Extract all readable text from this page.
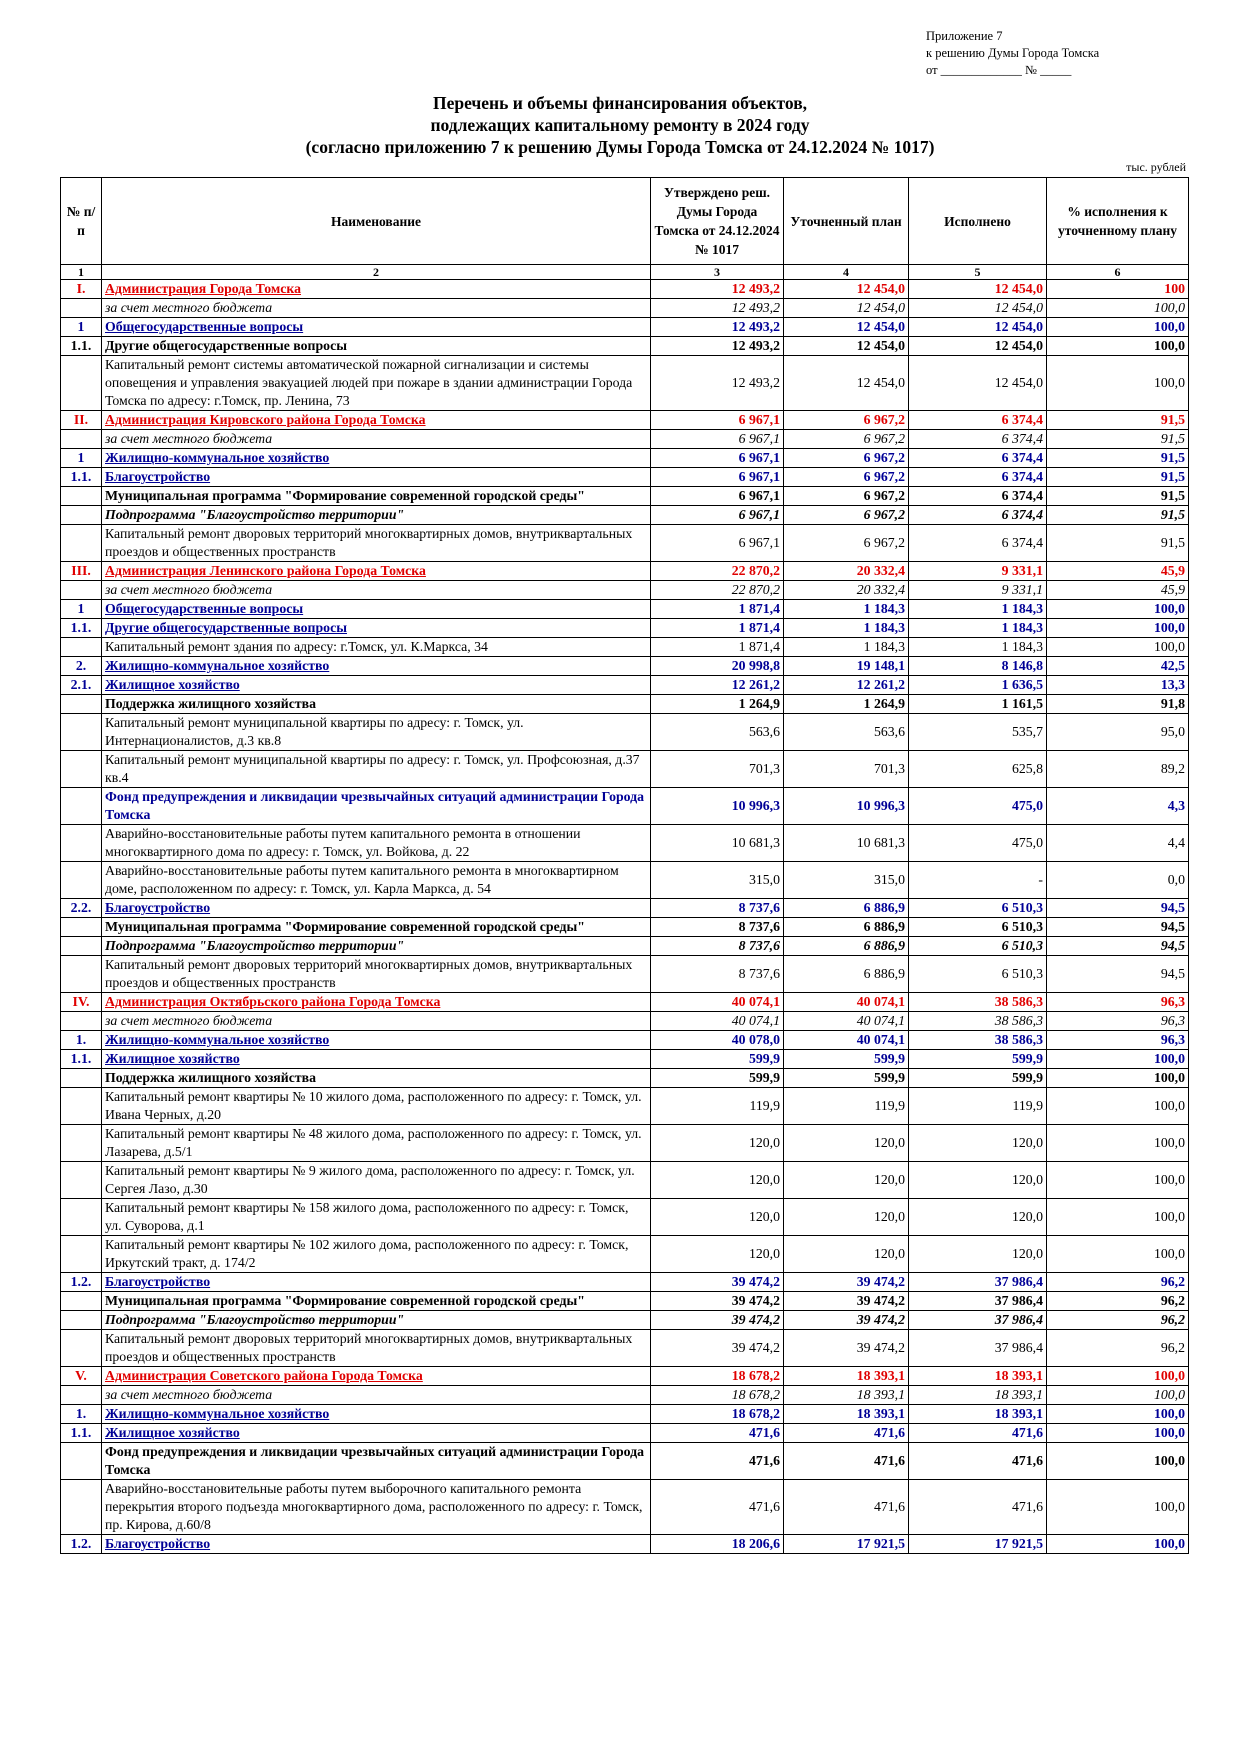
Приложение 7
к решению Думы Города Томска
от _____________ № _____
Перечень и объемы финансирования объектов,
подлежащих капитальному ремонту в 2024 году
(согласно приложению 7 к решению Думы Города Томска от 24.12.2024 № 1017)
тыс. рублей
№ п/п	Наименование	Утверждено реш. Думы Города Томска от 24.12.2024 № 1017	Уточненный план	Исполнено	% исполнения к уточненному плану
1	2	3	4	5	6
I.	Администрация Города Томска	12 493,2	12 454,0	12 454,0	100
	за счет местного бюджета	12 493,2	12 454,0	12 454,0	100,0
1	Общегосударственные вопросы	12 493,2	12 454,0	12 454,0	100,0
1.1.	Другие общегосударственные вопросы	12 493,2	12 454,0	12 454,0	100,0
	Капитальный ремонт системы автоматической пожарной сигнализации и системы оповещения и управления эвакуацией людей при пожаре в здании администрации Города Томска по адресу: г.Томск, пр. Ленина, 73	12 493,2	12 454,0	12 454,0	100,0
II.	Администрация Кировского района Города Томска	6 967,1	6 967,2	6 374,4	91,5
	за счет местного бюджета	6 967,1	6 967,2	6 374,4	91,5
1	Жилищно-коммунальное хозяйство	6 967,1	6 967,2	6 374,4	91,5
1.1.	Благоустройство	6 967,1	6 967,2	6 374,4	91,5
	Муниципальная программа "Формирование современной городской среды"	6 967,1	6 967,2	6 374,4	91,5
	Подпрограмма "Благоустройство территории"	6 967,1	6 967,2	6 374,4	91,5
	Капитальный ремонт дворовых территорий многоквартирных домов, внутриквартальных проездов и общественных пространств	6 967,1	6 967,2	6 374,4	91,5
III.	Администрация Ленинского района Города Томска	22 870,2	20 332,4	9 331,1	45,9
	за счет местного бюджета	22 870,2	20 332,4	9 331,1	45,9
1	Общегосударственные вопросы	1 871,4	1 184,3	1 184,3	100,0
1.1.	Другие общегосударственные вопросы	1 871,4	1 184,3	1 184,3	100,0
	Капитальный ремонт здания по адресу: г.Томск, ул. К.Маркса, 34	1 871,4	1 184,3	1 184,3	100,0
2.	Жилищно-коммунальное хозяйство	20 998,8	19 148,1	8 146,8	42,5
2.1.	Жилищное хозяйство	12 261,2	12 261,2	1 636,5	13,3
	Поддержка жилищного хозяйства	1 264,9	1 264,9	1 161,5	91,8
	Капитальный ремонт муниципальной квартиры по адресу: г. Томск, ул. Интернационалистов, д.3 кв.8	563,6	563,6	535,7	95,0
	Капитальный ремонт муниципальной квартиры по адресу: г. Томск, ул. Профсоюзная, д.37 кв.4	701,3	701,3	625,8	89,2
	Фонд предупреждения и ликвидации чрезвычайных ситуаций администрации Города Томска	10 996,3	10 996,3	475,0	4,3
	Аварийно-восстановительные работы путем капитального ремонта в отношении многоквартирного дома по адресу: г. Томск, ул. Войкова, д. 22	10 681,3	10 681,3	475,0	4,4
	Аварийно-восстановительные работы путем капитального ремонта в многоквартирном доме, расположенном по адресу: г. Томск, ул. Карла Маркса, д. 54	315,0	315,0	-	0,0
2.2.	Благоустройство	8 737,6	6 886,9	6 510,3	94,5
	Муниципальная программа "Формирование современной городской среды"	8 737,6	6 886,9	6 510,3	94,5
	Подпрограмма "Благоустройство территории"	8 737,6	6 886,9	6 510,3	94,5
	Капитальный ремонт дворовых территорий многоквартирных домов, внутриквартальных проездов и общественных пространств	8 737,6	6 886,9	6 510,3	94,5
IV.	Администрация Октябрьского района Города Томска	40 074,1	40 074,1	38 586,3	96,3
	за счет местного бюджета	40 074,1	40 074,1	38 586,3	96,3
1.	Жилищно-коммунальное хозяйство	40 078,0	40 074,1	38 586,3	96,3
1.1.	Жилищное хозяйство	599,9	599,9	599,9	100,0
	Поддержка жилищного хозяйства	599,9	599,9	599,9	100,0
	Капитальный ремонт квартиры № 10 жилого дома, расположенного по адресу: г. Томск, ул. Ивана Черных, д.20	119,9	119,9	119,9	100,0
	Капитальный ремонт квартиры № 48 жилого дома, расположенного по адресу: г. Томск, ул. Лазарева, д.5/1	120,0	120,0	120,0	100,0
	Капитальный ремонт квартиры № 9 жилого дома, расположенного по адресу: г. Томск, ул. Сергея Лазо, д.30	120,0	120,0	120,0	100,0
	Капитальный ремонт квартиры № 158 жилого дома, расположенного по адресу: г. Томск, ул. Суворова, д.1	120,0	120,0	120,0	100,0
	Капитальный ремонт квартиры № 102 жилого дома, расположенного по адресу: г. Томск, Иркутский тракт, д. 174/2	120,0	120,0	120,0	100,0
1.2.	Благоустройство	39 474,2	39 474,2	37 986,4	96,2
	Муниципальная программа "Формирование современной городской среды"	39 474,2	39 474,2	37 986,4	96,2
	Подпрограмма "Благоустройство территории"	39 474,2	39 474,2	37 986,4	96,2
	Капитальный ремонт дворовых территорий многоквартирных домов, внутриквартальных проездов и общественных пространств	39 474,2	39 474,2	37 986,4	96,2
V.	Администрация Советского района Города Томска	18 678,2	18 393,1	18 393,1	100,0
	за счет местного бюджета	18 678,2	18 393,1	18 393,1	100,0
1.	Жилищно-коммунальное хозяйство	18 678,2	18 393,1	18 393,1	100,0
1.1.	Жилищное хозяйство	471,6	471,6	471,6	100,0
	Фонд предупреждения и ликвидации чрезвычайных ситуаций администрации Города Томска	471,6	471,6	471,6	100,0
	Аварийно-восстановительные работы путем выборочного капитального ремонта перекрытия второго подъезда многоквартирного дома, расположенного по адресу: г. Томск, пр. Кирова, д.60/8	471,6	471,6	471,6	100,0
1.2.	Благоустройство	18 206,6	17 921,5	17 921,5	100,0
